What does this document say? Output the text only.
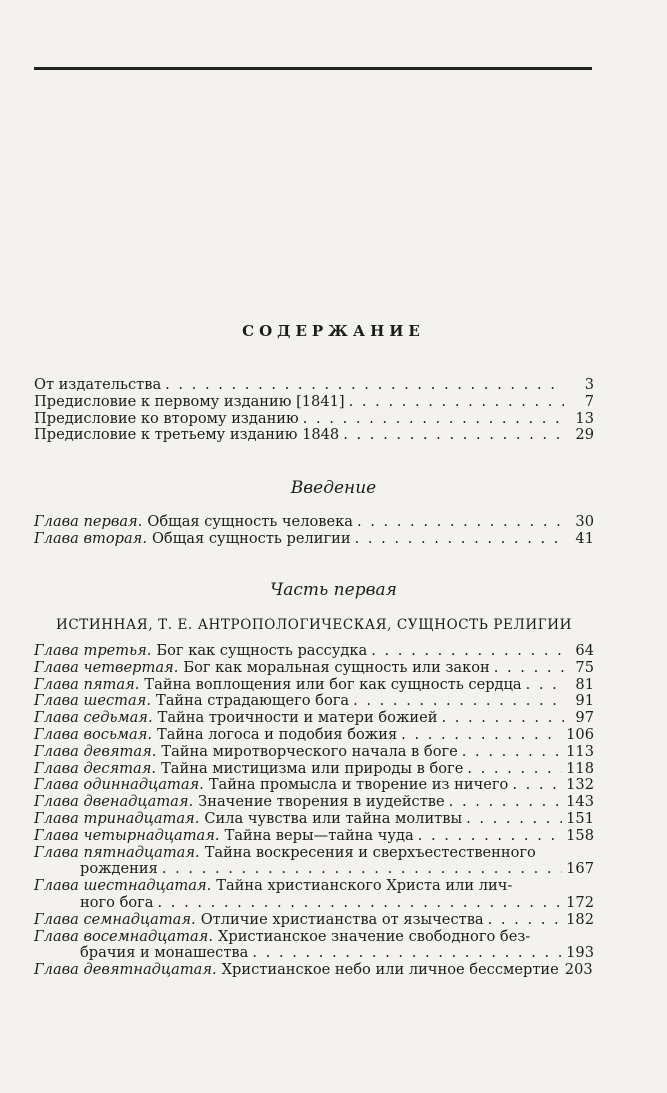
СОДЕРЖАНИЕ
От издательства . . .	3
Предисловие к первому изданию [1841] . . .	7
Предисловие ко второму изданию . . .	13
Предисловие к третьему изданию 1848 . . .	29
Введение
Глава первая. Общая сущность человека . . .	30
Глава вторая. Общая сущность религии . . .	41
Часть первая
ИСТИННАЯ, Т. Е. АНТРОПОЛОГИЧЕСКАЯ, СУЩНОСТЬ РЕЛИГИИ
Глава третья. Бог как сущность рассудка . . .	64
Глава четвертая. Бог как моральная сущность или закон . . .	75
Глава пятая. Тайна воплощения или бог как сущность сердца . . .	81
Глава шестая. Тайна страдающего бога . . .	91
Глава седьмая. Тайна троичности и матери божией . . .	97
Глава восьмая. Тайна логоса и подобия божия . . .	106
Глава девятая. Тайна миротворческого начала в боге . . .	113
Глава десятая. Тайна мистицизма или природы в боге . . .	118
Глава одиннадцатая. Тайна промысла и творение из ничего . . .	132
Глава двенадцатая. Значение творения в иудействе . . .	143
Глава тринадцатая. Сила чувства или тайна молитвы . . .	151
Глава четырнадцатая. Тайна веры—тайна чуда . . .	158
Глава пятнадцатая. Тайна воскресения и сверхъестественного
рождения . . .	167
Глава шестнадцатая. Тайна христианского Христа или лич-
ного бога . . .	172
Глава семнадцатая. Отличие христианства от язычества . . .	182
Глава восемнадцатая. Христианское значение свободного без-
брачия и монашества . . .	193
Глава девятнадцатая. Христианское небо или личное бессмертие 203
